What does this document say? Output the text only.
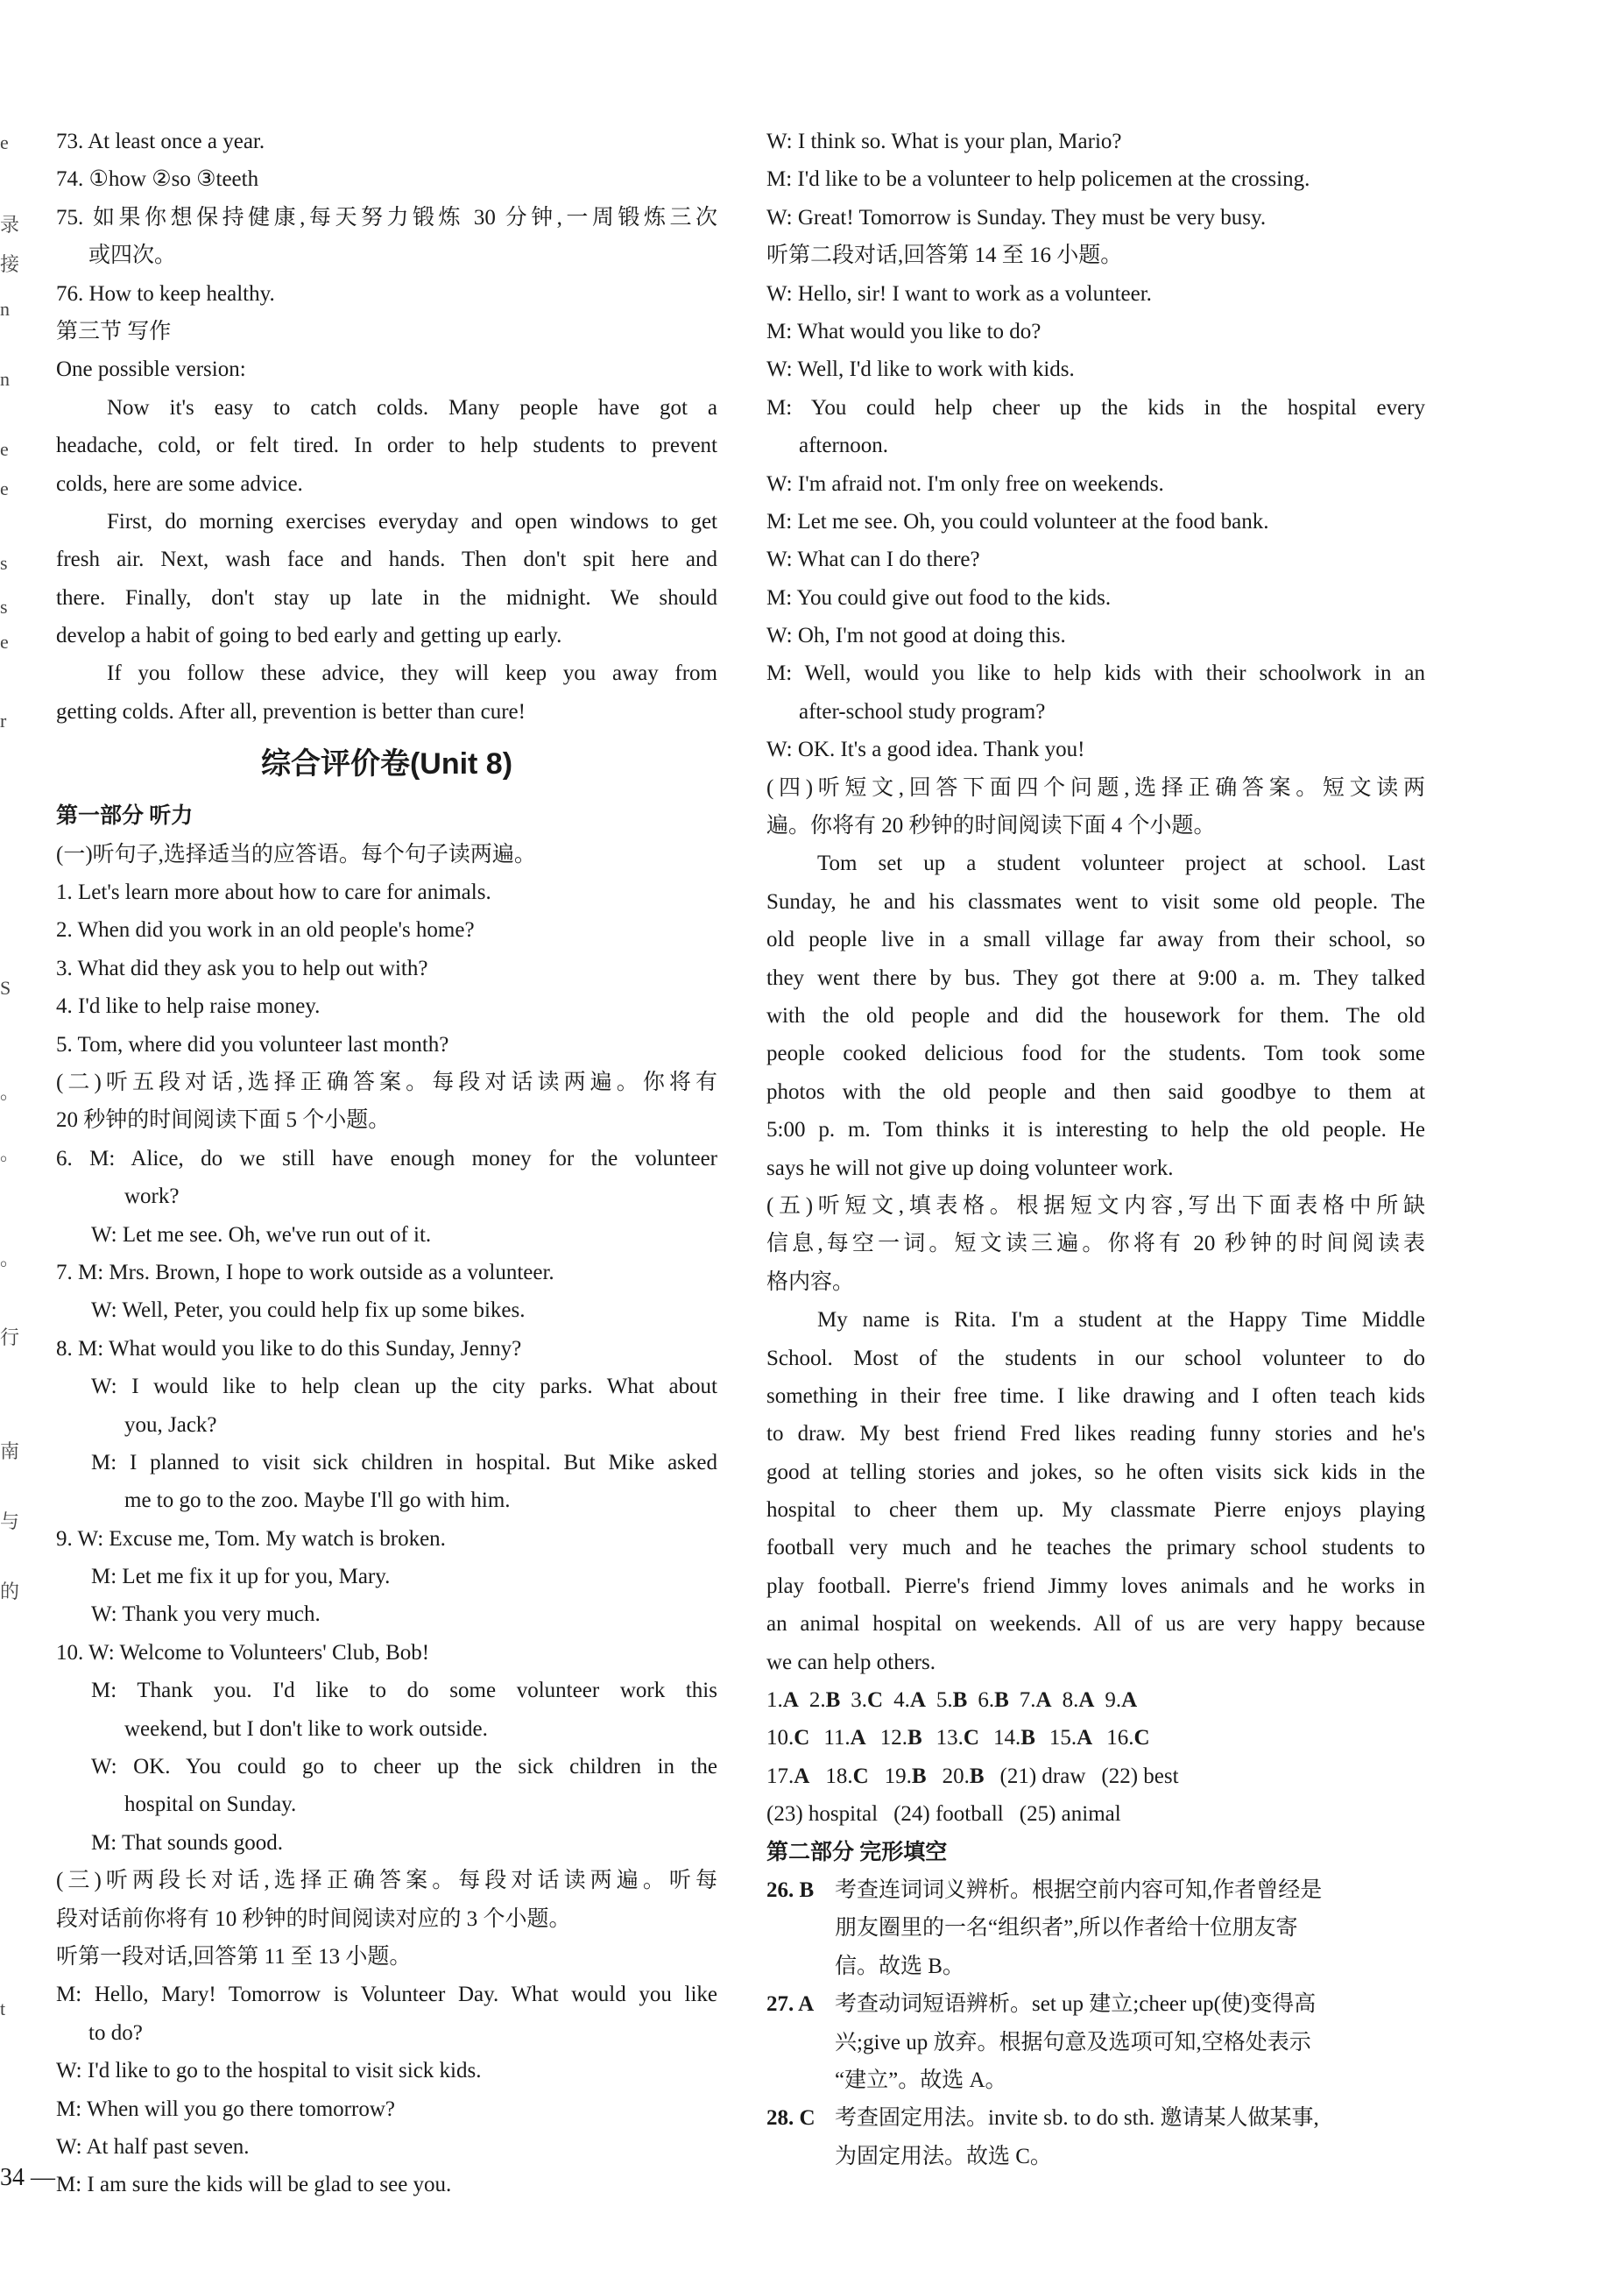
e
录
接
n
n
e
e
s
s
e
r
S
。
。
。
行
南
与
的
t
73. At least once a year.
74. ①how ②so ③teeth
75. 如果你想保持健康,每天努力锻炼 30 分钟,一周锻炼三次
或四次。
76. How to keep healthy.
第三节 写作
One possible version:
Now it's easy to catch colds. Many people have got a
headache, cold, or felt tired. In order to help students to prevent
colds, here are some advice.
First, do morning exercises everyday and open windows to get
fresh air. Next, wash face and hands. Then don't spit here and
there. Finally, don't stay up late in the midnight. We should
develop a habit of going to bed early and getting up early.
If you follow these advice, they will keep you away from
getting colds. After all, prevention is better than cure!
综合评价卷(Unit 8)
第一部分 听力
(一)听句子,选择适当的应答语。每个句子读两遍。
1. Let's learn more about how to care for animals.
2. When did you work in an old people's home?
3. What did they ask you to help out with?
4. I'd like to help raise money.
5. Tom, where did you volunteer last month?
(二)听五段对话,选择正确答案。每段对话读两遍。你将有
20 秒钟的时间阅读下面 5 个小题。
6. M: Alice, do we still have enough money for the volunteer
work?
W: Let me see. Oh, we've run out of it.
7. M: Mrs. Brown, I hope to work outside as a volunteer.
W: Well, Peter, you could help fix up some bikes.
8. M: What would you like to do this Sunday, Jenny?
W: I would like to help clean up the city parks. What about
you, Jack?
M: I planned to visit sick children in hospital. But Mike asked
me to go to the zoo. Maybe I'll go with him.
9. W: Excuse me, Tom. My watch is broken.
M: Let me fix it up for you, Mary.
W: Thank you very much.
10. W: Welcome to Volunteers' Club, Bob!
M: Thank you. I'd like to do some volunteer work this
weekend, but I don't like to work outside.
W: OK. You could go to cheer up the sick children in the
hospital on Sunday.
M: That sounds good.
(三)听两段长对话,选择正确答案。每段对话读两遍。听每
段对话前你将有 10 秒钟的时间阅读对应的 3 个小题。
听第一段对话,回答第 11 至 13 小题。
M: Hello, Mary! Tomorrow is Volunteer Day. What would you like
to do?
W: I'd like to go to the hospital to visit sick kids.
M: When will you go there tomorrow?
W: At half past seven.
M: I am sure the kids will be glad to see you.
W: I think so. What is your plan, Mario?
M: I'd like to be a volunteer to help policemen at the crossing.
W: Great! Tomorrow is Sunday. They must be very busy.
听第二段对话,回答第 14 至 16 小题。
W: Hello, sir! I want to work as a volunteer.
M: What would you like to do?
W: Well, I'd like to work with kids.
M: You could help cheer up the kids in the hospital every
afternoon.
W: I'm afraid not. I'm only free on weekends.
M: Let me see. Oh, you could volunteer at the food bank.
W: What can I do there?
M: You could give out food to the kids.
W: Oh, I'm not good at doing this.
M: Well, would you like to help kids with their schoolwork in an
after-school study program?
W: OK. It's a good idea. Thank you!
(四)听短文,回答下面四个问题,选择正确答案。短文读两
遍。你将有 20 秒钟的时间阅读下面 4 个小题。
Tom set up a student volunteer project at school. Last
Sunday, he and his classmates went to visit some old people. The
old people live in a small village far away from their school, so
they went there by bus. They got there at 9:00 a. m. They talked
with the old people and did the housework for them. The old
people cooked delicious food for the students. Tom took some
photos with the old people and then said goodbye to them at
5:00 p. m. Tom thinks it is interesting to help the old people. He
says he will not give up doing volunteer work.
(五)听短文,填表格。根据短文内容,写出下面表格中所缺
信息,每空一词。短文读三遍。你将有 20 秒钟的时间阅读表
格内容。
My name is Rita. I'm a student at the Happy Time Middle
School. Most of the students in our school volunteer to do
something in their free time. I like drawing and I often teach kids
to draw. My best friend Fred likes reading funny stories and he's
good at telling stories and jokes, so he often visits sick kids in the
hospital to cheer them up. My classmate Pierre enjoys playing
football very much and he teaches the primary school students to
play football. Pierre's friend Jimmy loves animals and he works in
an animal hospital on weekends. All of us are very happy because
we can help others.
1.A 2.B 3.C 4.A 5.B 6.B 7.A 8.A 9.A
10.C 11.A 12.B 13.C 14.B 15.A 16.C
17.A 18.C 19.B 20.B (21) draw (22) best
(23) hospital (24) football (25) animal
第二部分 完形填空
26. B 考查连词词义辨析。根据空前内容可知,作者曾经是
朋友圈里的一名“组织者”,所以作者给十位朋友寄
信。故选 B。
27. A 考查动词短语辨析。set up 建立;cheer up(使)变得高
兴;give up 放弃。根据句意及选项可知,空格处表示
“建立”。故选 A。
28. C 考查固定用法。invite sb. to do sth. 邀请某人做某事,
为固定用法。故选 C。
34 —
